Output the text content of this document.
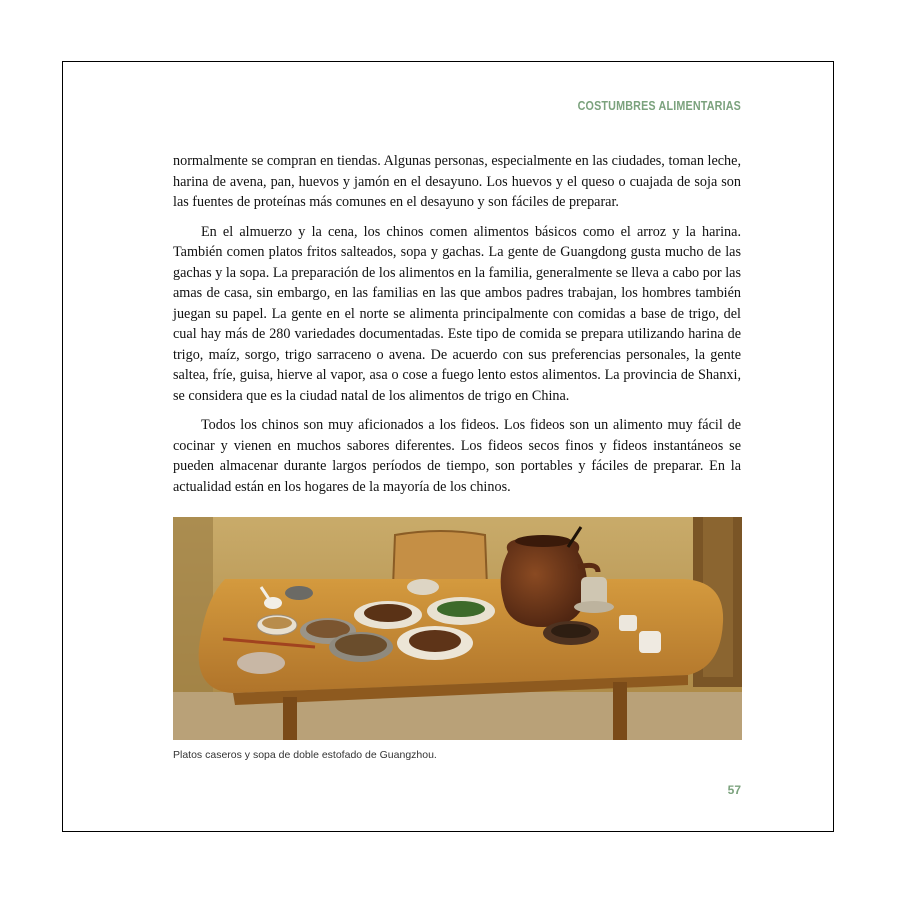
COSTUMBRES ALIMENTARIAS

normalmente se compran en tiendas. Algunas personas, especialmente en las ciudades, toman leche, harina de avena, pan, huevos y jamón en el desayuno. Los huevos y el queso o cuajada de soja son las fuentes de proteínas más comunes en el desayuno y son fáciles de preparar.

En el almuerzo y la cena, los chinos comen alimentos básicos como el arroz y la harina. También comen platos fritos salteados, sopa y gachas. La gente de Guangdong gusta mucho de las gachas y la sopa. La preparación de los alimentos en la familia, generalmente se lleva a cabo por las amas de casa, sin embargo, en las familias en las que ambos padres trabajan, los hombres también juegan su papel. La gente en el norte se alimenta principalmente con comidas a base de trigo, del cual hay más de 280 variedades documentadas. Este tipo de comida se prepara utilizando harina de trigo, maíz, sorgo, trigo sarraceno o avena. De acuerdo con sus preferencias personales, la gente saltea, fríe, guisa, hierve al vapor, asa o cose a fuego lento estos alimentos. La provincia de Shanxi, se considera que es la ciudad natal de los alimentos de trigo en China.

Todos los chinos son muy aficionados a los fideos. Los fideos son un alimento muy fácil de cocinar y vienen en muchos sabores diferentes. Los fideos secos finos y fideos instantáneos se pueden almacenar durante largos períodos de tiempo, son portables y fáciles de preparar. En la actualidad están en los hogares de la mayoría de los chinos.

Platos caseros y sopa de doble estofado de Guangzhou.
57
